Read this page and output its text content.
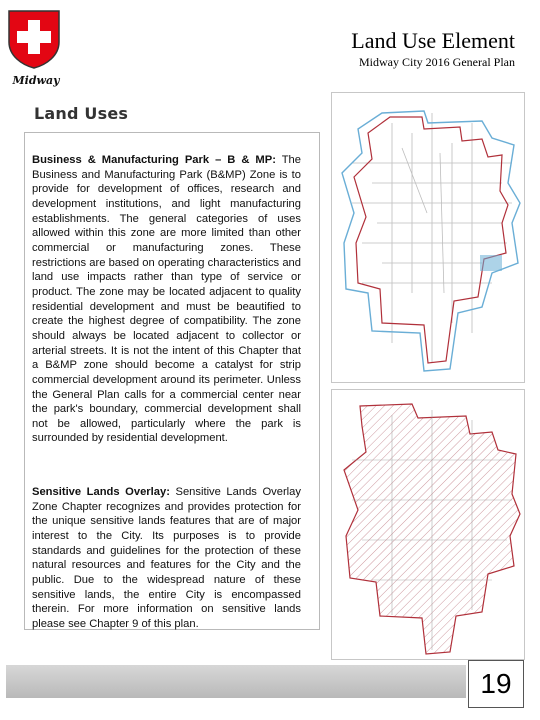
Midway
Land Use Element
Midway City 2016 General Plan
Land Uses
Business & Manufacturing Park – B & MP: The Business and Manufacturing Park (B&MP) Zone is to provide for development of offices, research and development institutions, and light manufacturing establishments. The general categories of uses allowed within this zone are more limited than other commercial or manufacturing zones. These restrictions are based on operating characteristics and land use impacts rather than type of service or product. The zone may be located adjacent to quality residential development and must be beautified to create the highest degree of compatibility. The zone should always be located adjacent to collector or arterial streets. It is not the intent of this Chapter that a B&MP zone should become a catalyst for strip commercial development around its perimeter. Unless the General Plan calls for a commercial center near the park's boundary, commercial development shall not be allowed, particularly where the park is surrounded by residential development.
Sensitive Lands Overlay: Sensitive Lands Overlay Zone Chapter recognizes and provides protection for the unique sensitive lands features that are of major interest to the City. Its purposes is to provide standards and guidelines for the protection of these natural resources and features for the City and the public. Due to the widespread nature of these sensitive lands, the entire City is encompassed therein. For more information on sensitive lands please see Chapter 9 of this plan.
19
